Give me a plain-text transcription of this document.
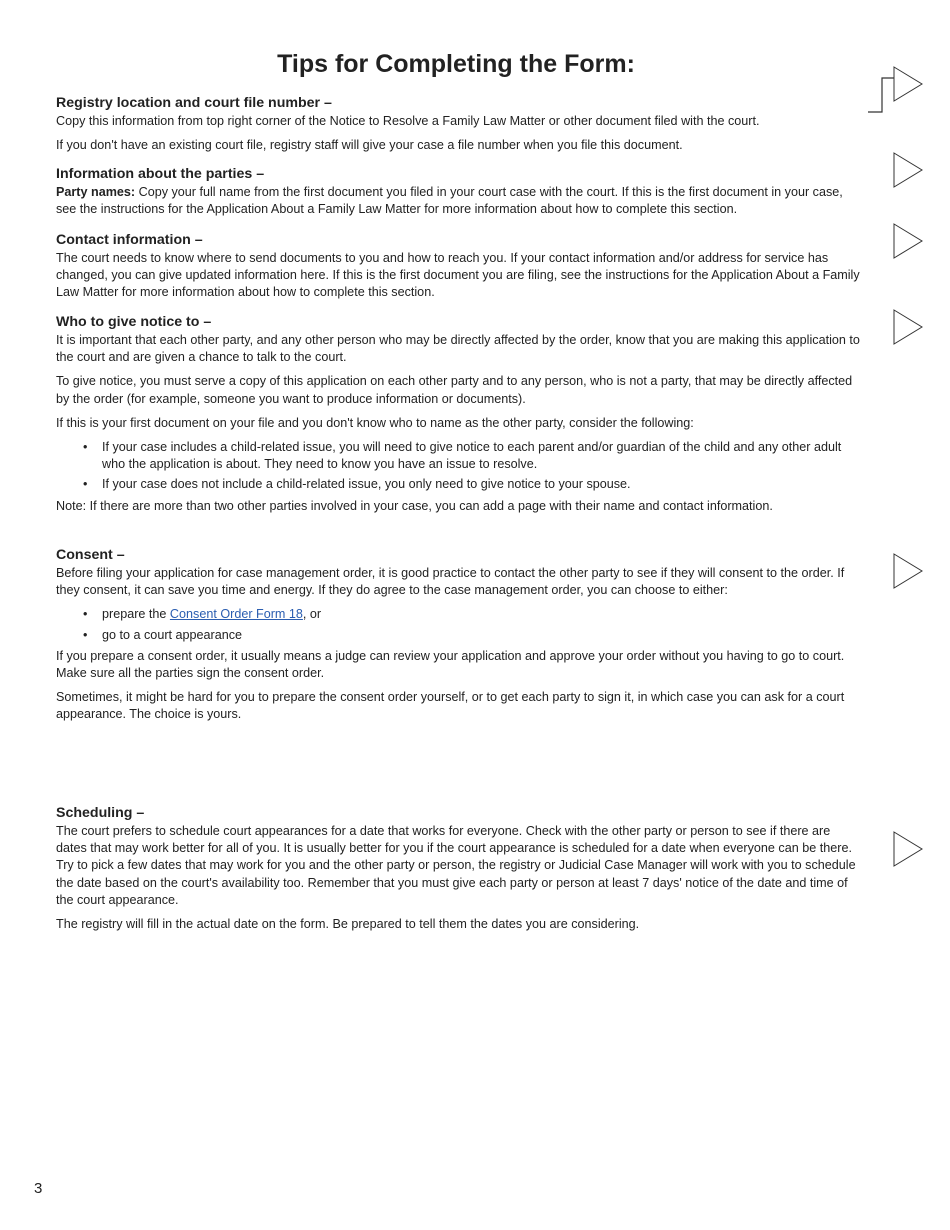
Tips for Completing the Form:
Registry location and court file number –

Copy this information from top right corner of the Notice to Resolve a Family Law Matter or other document filed with the court.

If you don't have an existing court file, registry staff will give your case a file number when you file this document.

Information about the parties –

Party names: Copy your full name from the first document you filed in your court case with the court. If this is the first document in your case, see the instructions for the Application About a Family Law Matter for more information about how to complete this section.

Contact information –

The court needs to know where to send documents to you and how to reach you. If your contact information and/or address for service has changed, you can give updated information here. If this is the first document you are filing, see the instructions for the Application About a Family Law Matter for more information about how to complete this section.

Who to give notice to –

It is important that each other party, and any other person who may be directly affected by the order, know that you are making this application to the court and are given a chance to talk to the court.

To give notice, you must serve a copy of this application on each other party and to any person, who is not a party, that may be directly affected by the order (for example, someone you want to produce information or documents).

If this is your first document on your file and you don't know who to name as the other party, consider the following:

• If your case includes a child-related issue, you will need to give notice to each parent and/or guardian of the child and any other adult who the application is about. They need to know you have an issue to resolve.
• If your case does not include a child-related issue, you only need to give notice to your spouse.

Note: If there are more than two other parties involved in your case, you can add a page with their name and contact information.

Consent –

Before filing your application for case management order, it is good practice to contact the other party to see if they will consent to the order. If they consent, it can save you time and energy. If they do agree to the case management order, you can choose to either:

• prepare the Consent Order Form 18, or
• go to a court appearance

If you prepare a consent order, it usually means a judge can review your application and approve your order without you having to go to court. Make sure all the parties sign the consent order.

Sometimes, it might be hard for you to prepare the consent order yourself, or to get each party to sign it, in which case you can ask for a court appearance. The choice is yours.

Scheduling –

The court prefers to schedule court appearances for a date that works for everyone. Check with the other party or person to see if there are dates that may work better for all of you. It is usually better for you if the court appearance is scheduled for a date when everyone can be there. Try to pick a few dates that may work for you and the other party or person, the registry or Judicial Case Manager will work with you to schedule the date based on the court's availability too. Remember that you must give each party or person at least 7 days' notice of the date and time of the court appearance.

The registry will fill in the actual date on the form. Be prepared to tell them the dates you are considering.

3
